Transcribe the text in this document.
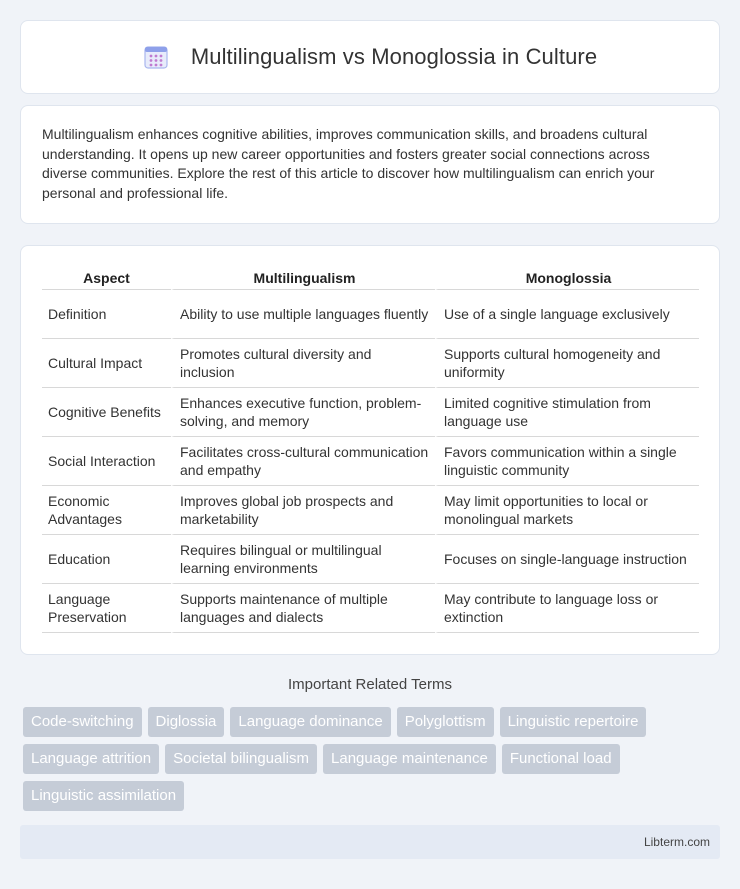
Multilingualism vs Monoglossia in Culture

Multilingualism enhances cognitive abilities, improves communication skills, and broadens cultural understanding. It opens up new career opportunities and fosters greater social connections across diverse communities. Explore the rest of this article to discover how multilingualism can enrich your personal and professional life.

Aspect	Multilingualism	Monoglossia
Definition	Ability to use multiple languages fluently	Use of a single language exclusively
Cultural Impact	Promotes cultural diversity and inclusion	Supports cultural homogeneity and uniformity
Cognitive Benefits	Enhances executive function, problem-solving, and memory	Limited cognitive stimulation from language use
Social Interaction	Facilitates cross-cultural communication and empathy	Favors communication within a single linguistic community
Economic Advantages	Improves global job prospects and marketability	May limit opportunities to local or monolingual markets
Education	Requires bilingual or multilingual learning environments	Focuses on single-language instruction
Language Preservation	Supports maintenance of multiple languages and dialects	May contribute to language loss or extinction
Important Related Terms
Code-switching	Diglossia	Language dominance	Polyglottism	Linguistic repertoire
Language attrition	Societal bilingualism	Language maintenance	Functional load
Linguistic assimilation
Libterm.com
